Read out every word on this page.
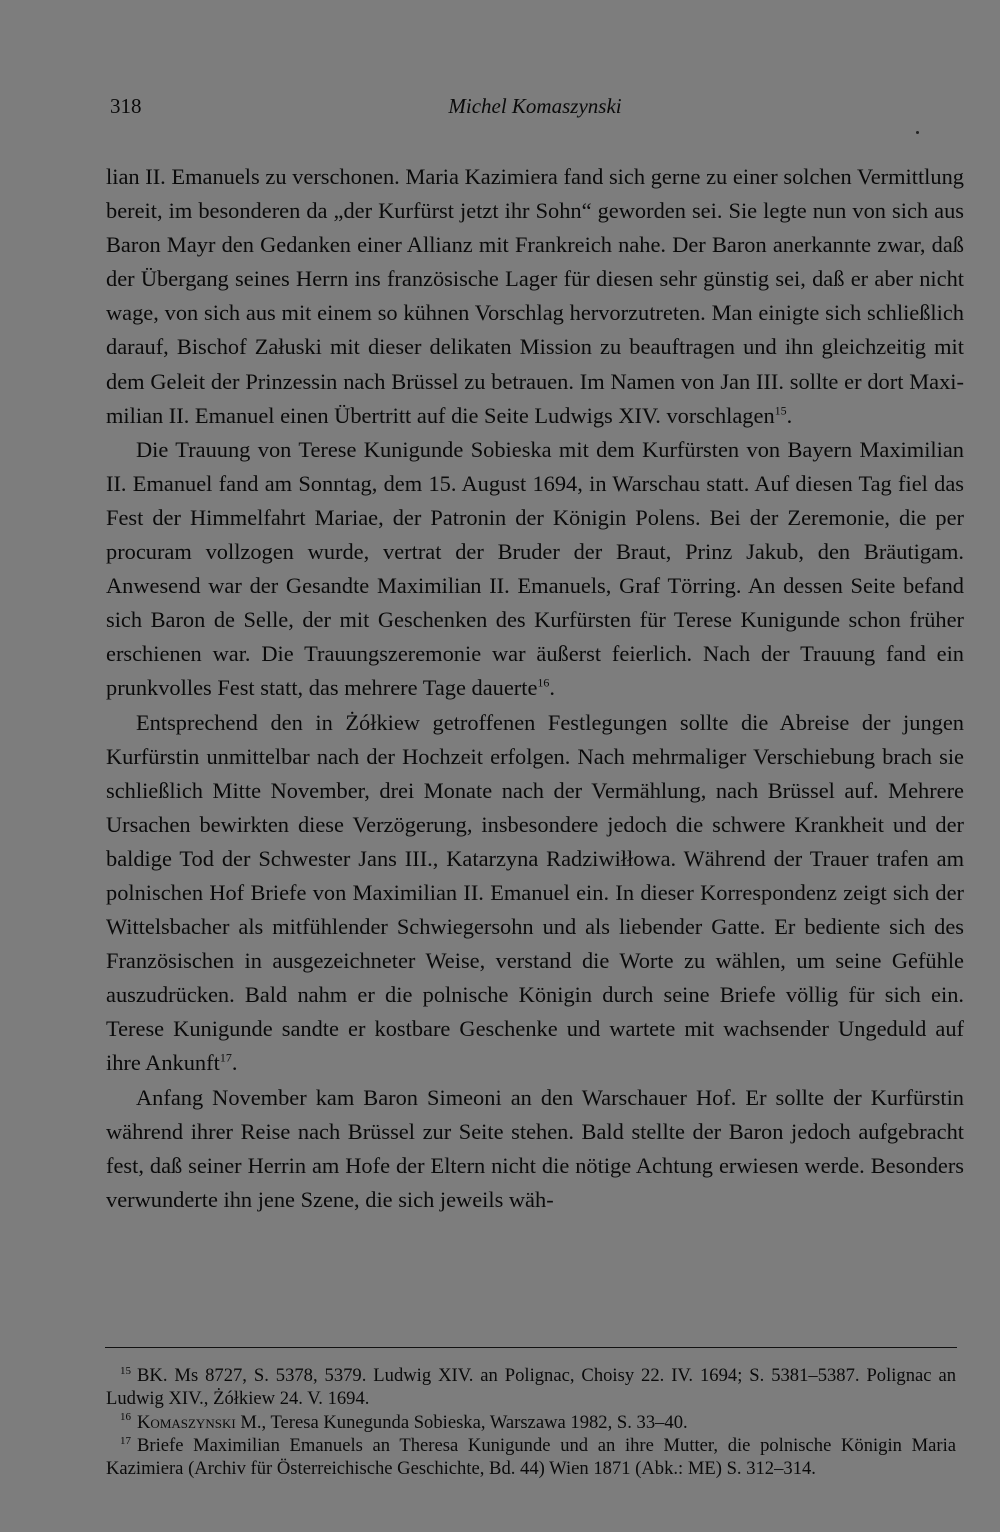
318	Michel Komaszynski

lian II. Emanuels zu verschonen. Maria Kazimiera fand sich gerne zu einer solchen Vermittlung bereit, im besonderen da „der Kurfürst jetzt ihr Sohn“ geworden sei. Sie legte nun von sich aus Baron Mayr den Gedanken einer Allianz mit Frankreich nahe. Der Baron anerkannte zwar, daß der Übergang seines Herrn ins französische Lager für diesen sehr günstig sei, daß er aber nicht wage, von sich aus mit einem so kühnen Vorschlag hervorzutreten. Man einigte sich schließlich darauf, Bischof Załuski mit dieser delikaten Mission zu beauftragen und ihn gleichzeitig mit dem Geleit der Prinzessin nach Brüssel zu betrauen. Im Namen von Jan III. sollte er dort Maximilian II. Emanuel einen Übertritt auf die Seite Ludwigs XIV. vorschlagen$^{15}$.

Die Trauung von Terese Kunigunde Sobieska mit dem Kurfürsten von Bayern Maximilian II. Emanuel fand am Sonntag, dem 15. August 1694, in Warschau statt. Auf diesen Tag fiel das Fest der Himmelfahrt Mariae, der Patronin der Königin Polens. Bei der Zeremonie, die per procuram vollzogen wurde, vertrat der Bruder der Braut, Prinz Jakub, den Bräutigam. Anwesend war der Gesandte Maximilian II. Emanuels, Graf Törring. An dessen Seite befand sich Baron de Selle, der mit Geschenken des Kurfürsten für Terese Kunigunde schon früher erschienen war. Die Trauungszeremonie war äußerst feierlich. Nach der Trauung fand ein prunkvolles Fest statt, das mehrere Tage dauerte$^{16}$.

Entsprechend den in Żółkiew getroffenen Festlegungen sollte die Abreise der jungen Kurfürstin unmittelbar nach der Hochzeit erfolgen. Nach mehrmaliger Verschiebung brach sie schließlich Mitte November, drei Monate nach der Vermählung, nach Brüssel auf. Mehrere Ursachen bewirkten diese Verzögerung, insbesondere jedoch die schwere Krankheit und der baldige Tod der Schwester Jans III., Katarzyna Radziwiłłowa. Während der Trauer trafen am polnischen Hof Briefe von Maximilian II. Emanuel ein. In dieser Korrespondenz zeigt sich der Wittelsbacher als mitfühlender Schwiegersohn und als liebender Gatte. Er bediente sich des Französischen in ausgezeichneter Weise, verstand die Worte zu wählen, um seine Gefühle auszudrücken. Bald nahm er die polnische Königin durch seine Briefe völlig für sich ein. Terese Kunigunde sandte er kostbare Geschenke und wartete mit wachsender Ungeduld auf ihre Ankunft$^{17}$.

Anfang November kam Baron Simeoni an den Warschauer Hof. Er sollte der Kurfürstin während ihrer Reise nach Brüssel zur Seite stehen. Bald stellte der Baron jedoch aufgebracht fest, daß seiner Herrin am Hofe der Eltern nicht die nötige Achtung erwiesen werde. Besonders verwunderte ihn jene Szene, die sich jeweils wäh-

$^{15}$ BK. Ms 8727, S. 5378, 5379. Ludwig XIV. an Polignac, Choisy 22. IV. 1694; S. 5381–5387. Polignac an Ludwig XIV., Żółkiew 24. V. 1694.

$^{16}$ Komaszynski M., Teresa Kunegunda Sobieska, Warszawa 1982, S. 33–40.

$^{17}$ Briefe Maximilian Emanuels an Theresa Kunigunde und an ihre Mutter, die polnische Königin Maria Kazimiera (Archiv für Österreichische Geschichte, Bd. 44) Wien 1871 (Abk.: ME) S. 312–314.
